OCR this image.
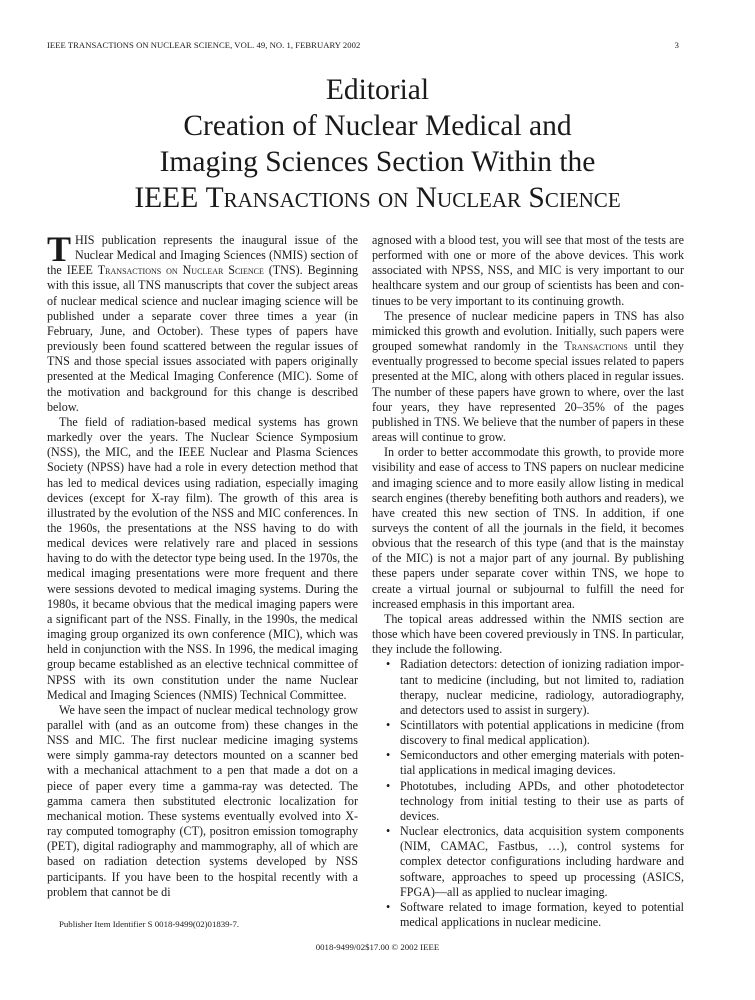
IEEE TRANSACTIONS ON NUCLEAR SCIENCE, VOL. 49, NO. 1, FEBRUARY 2002	3
Editorial
Creation of Nuclear Medical and
Imaging Sciences Section Within the
IEEE Transactions on Nuclear Science

THIS publication represents the inaugural issue of the Nuclear Medical and Imaging Sciences (NMIS) section of the IEEE Transactions on Nuclear Science (TNS). Beginning with this issue, all TNS manuscripts that cover the subject areas of nuclear medical science and nuclear imaging science will be published under a separate cover three times a year (in February, June, and October). These types of papers have previously been found scattered between the regular issues of TNS and those special issues associated with papers originally presented at the Medical Imaging Conference (MIC). Some of the motivation and background for this change is described below.

The field of radiation-based medical systems has grown markedly over the years. The Nuclear Science Symposium (NSS), the MIC, and the IEEE Nuclear and Plasma Sciences Society (NPSS) have had a role in every detection method that has led to medical devices using radiation, especially imaging devices (except for X-ray film). The growth of this area is illustrated by the evolution of the NSS and MIC conferences. In the 1960s, the presentations at the NSS having to do with medical devices were relatively rare and placed in sessions having to do with the detector type being used. In the 1970s, the medical imaging presentations were more frequent and there were sessions devoted to medical imaging systems. During the 1980s, it became obvious that the medical imaging papers were a significant part of the NSS. Finally, in the 1990s, the medical imaging group organized its own conference (MIC), which was held in conjunction with the NSS. In 1996, the medical imaging group became established as an elective technical committee of NPSS with its own constitution under the name Nuclear Medical and Imaging Sciences (NMIS) Technical Committee.

We have seen the impact of nuclear medical technology grow parallel with (and as an outcome from) these changes in the NSS and MIC. The first nuclear medicine imaging systems were simply gamma-ray detectors mounted on a scanner bed with a mechanical attachment to a pen that made a dot on a piece of paper every time a gamma-ray was detected. The gamma camera then substituted electronic localization for mechanical motion. These systems eventually evolved into X-ray computed tomography (CT), positron emission tomography (PET), digital radiography and mammography, all of which are based on radiation detection systems developed by NSS participants. If you have been to the hospital recently with a problem that cannot be di

agnosed with a blood test, you will see that most of the tests are performed with one or more of the above devices. This work associated with NPSS, NSS, and MIC is very important to our healthcare system and our group of scientists has been and continues to be very important to its continuing growth.

The presence of nuclear medicine papers in TNS has also mimicked this growth and evolution. Initially, such papers were grouped somewhat randomly in the Transactions until they eventually progressed to become special issues related to papers presented at the MIC, along with others placed in regular issues. The number of these papers have grown to where, over the last four years, they have represented 20–35% of the pages published in TNS. We believe that the number of papers in these areas will continue to grow.

In order to better accommodate this growth, to provide more visibility and ease of access to TNS papers on nuclear medicine and imaging science and to more easily allow listing in medical search engines (thereby benefiting both authors and readers), we have created this new section of TNS. In addition, if one surveys the content of all the journals in the field, it becomes obvious that the research of this type (and that is the mainstay of the MIC) is not a major part of any journal. By publishing these papers under separate cover within TNS, we hope to create a virtual journal or subjournal to fulfill the need for increased emphasis in this important area.

The topical areas addressed within the NMIS section are those which have been covered previously in TNS. In particular, they include the following.

• Radiation detectors: detection of ionizing radiation important to medicine (including, but not limited to, radiation therapy, nuclear medicine, radiology, autoradiography, and detectors used to assist in surgery).
• Scintillators with potential applications in medicine (from discovery to final medical application).
• Semiconductors and other emerging materials with potential applications in medical imaging devices.
• Phototubes, including APDs, and other photodetector technology from initial testing to their use as parts of devices.
• Nuclear electronics, data acquisition system components (NIM, CAMAC, Fastbus, …), control systems for complex detector configurations including hardware and software, approaches to speed up processing (ASICS, FPGA)—all as applied to nuclear imaging.
• Software related to image formation, keyed to potential medical applications in nuclear medicine.
Publisher Item Identifier S 0018-9499(02)01839-7.
0018-9499/02$17.00 © 2002 IEEE
